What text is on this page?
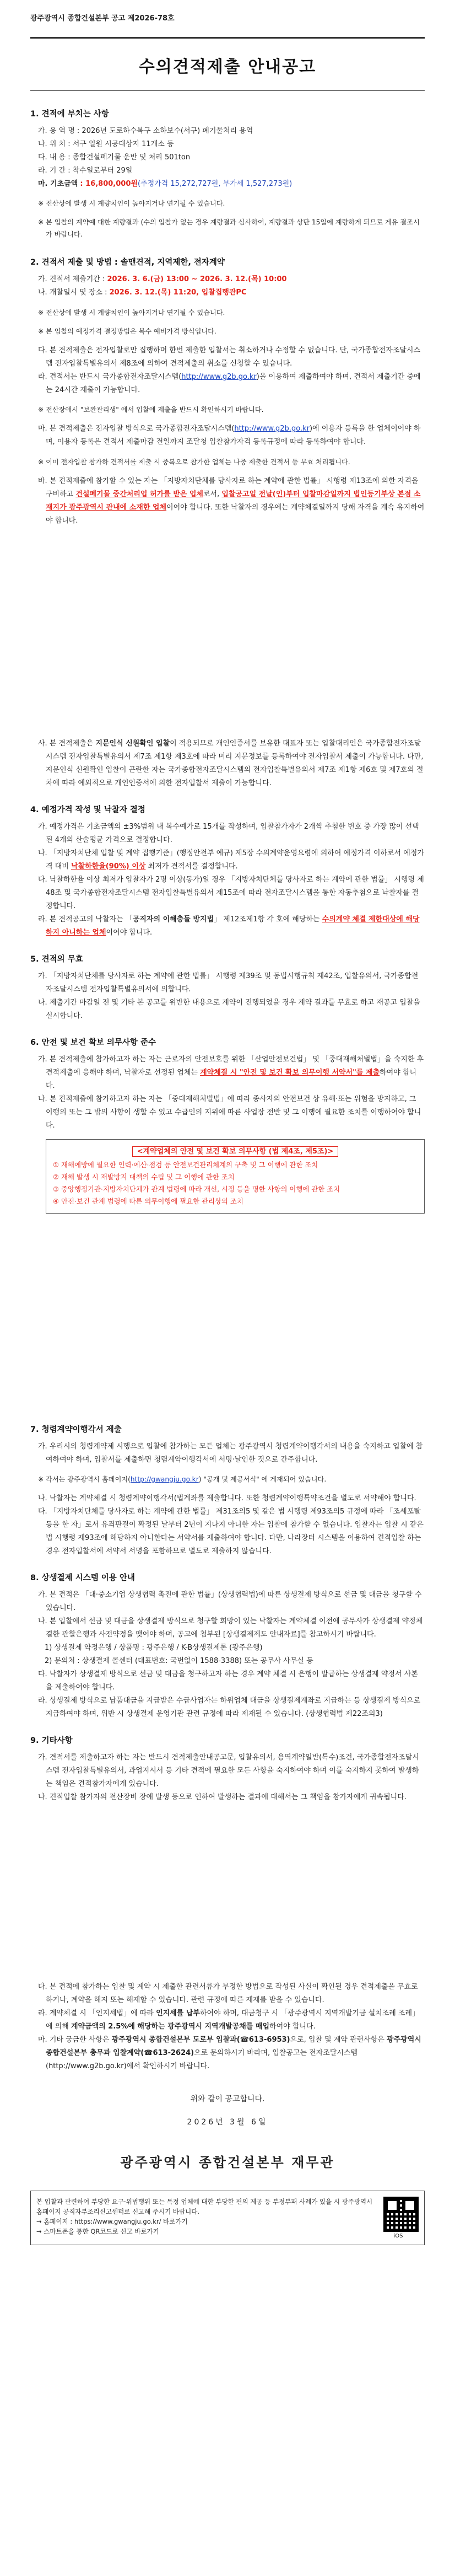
광주광역시 종합건설본부 공고 제2026-78호
수의견적제출 안내공고
1. 견적에 부치는 사항

가. 용 역 명 : 2026년 도로하수복구 소하보수(서구) 폐기물처리 용역

나. 위 치 : 서구 일원 시공대상지 11개소 등

다. 내 용 : 종합건설폐기물 운반 및 처리 501ton

라. 기 간 : 착수일로부터 29일

마. 기초금액 : 16,800,000원(추정가격 15,272,727원, 부가세 1,527,273원)

※ 전산상에 발생 시 계량치인이 높아지거나 연기될 수 있습니다.

※ 본 입찰의 계약예 대한 계량결과 (수의 입찰가 없는 경우 계량결과 심사하여, 계량결과 상단 15일에 계량하게 되므로 게유 결조시가 바랍니다.

2. 견적서 제출 및 방법 : 솔맨견적, 지역제한, 전자계약

가. 견적서 제출기간 : 2026. 3. 6.(금) 13:00 ~ 2026. 3. 12.(목) 10:00

나. 개찰일시 및 장소 : 2026. 3. 12.(목) 11:20, 입찰집행관PC

※ 전산상에 발생 시 계량치인이 높아지거나 연기될 수 있습니다.

※ 본 입찰의 예정가격 결정방법은 복수 예비가격 방식입니다.

다. 본 견적제출은 전자입찰로만 집행하며 한번 제출한 입찰서는 취소하거나 수정할 수 없습니다. 단, 국가종합전자조달시스템 전자입찰특별유의서 제8조에 의하여 견적제출의 취소를 신청할 수 있습니다.

라. 견적서는 반드시 국가종합전자조달시스템(http://www.g2b.go.kr)을 이용하여 제출하여야 하며, 견적서 제출기간 중에는 24시간 제출이 가능합니다.

※ 전산장애시 "보완관리생" 에서 입찰에 제출을 반드시 확인하시기 바랍니다.

마. 본 견적제출은 전자입찰 방식으로 국가종합전자조달시스템(http://www.g2b.go.kr)에 이용자 등록을 한 업체이어야 하며, 이용자 등록은 견적서 제출마감 전일까지 조달청 입찰참가자격 등록규정에 따라 등록하여야 합니다.

※ 이미 전자입찰 참가하 견적서를 제출 시 중복으로 참가한 업체는 나중 제출한 견적서 등 무효 처리됩니다.

바. 본 견적제출에 참가할 수 있는 자는 「지방자치단체를 당사자로 하는 계약에 관한 법률」 시행령 제13조에 의한 자격을 구비하고 건설폐기물 중간처리업 허가를 받은 업체로서, 입찰공고일 전날(인)부터 입찰마감일까지 법인등기부상 본점 소재지가 광주광역시 관내에 소재한 업체이어야 합니다. 또한 낙찰자의 경우에는 계약체결일까지 당해 자격을 계속 유지하여야 합니다.

사. 본 견적제출은 지문인식 신원확인 입찰이 적용되므로 개인인증서를 보유한 대표자 또는 입찰대리인은 국가종합전자조달시스템 전자입찰특별유의서 제7조 제1항 제3호에 따라 미리 지문정보를 등록하여야 전자입찰서 제출이 가능합니다. 다만, 지문인식 신원확인 입찰이 곤란한 자는 국가종합전자조달시스템의 전자입찰특별유의서 제7조 제1항 제6호 및 제7호의 절차에 따라 예외적으로 개인인증서에 의한 전자입찰서 제출이 가능합니다.

4. 예정가격 작성 및 낙찰자 결정

가. 예정가격은 기초금액의 ±3%범위 내 복수예가로 15개를 작성하며, 입찰참가자가 2개씩 추첨한 번호 중 가장 많이 선택된 4개의 산술평균 가격으로 결정합니다.

나. 「지방자치단체 입찰 및 계약 집행기준」(행정안전부 예규) 제5장 수의계약운영요령에 의하여 예정가격 이하로서 예정가격 대비 낙찰하한율(90%) 이상 최저가 견적서를 결정합니다.

다. 낙찰하한율 이상 최저가 입찰자가 2명 이상(동가)일 경우 「지방자치단체를 당사자로 하는 계약에 관한 법률」 시행령 제48조 및 국가종합전자조달시스템 전자입찰특별유의서 제15조에 따라 전자조달시스템을 통한 자동추첨으로 낙찰자를 결정합니다.

라. 본 견적공고의 낙찰자는 「공직자의 이해충돌 방지법」 제12조제1항 각 호에 해당하는 수의계약 체결 제한대상에 해당하지 아니하는 업체이어야 합니다.

5. 견적의 무효

가. 「지방자치단체를 당사자로 하는 계약에 관한 법률」 시행령 제39조 및 동법시행규칙 제42조, 입찰유의서, 국가종합전자조달시스템 전자입찰특별유의서에 의합니다.

나. 제출기간 마감일 전 및 기타 본 공고를 위반한 내용으로 계약이 진행되었을 경우 계약 결과를 무효로 하고 재공고 입찰을 실시합니다.

6. 안전 및 보건 확보 의무사항 준수

가. 본 견적제출에 참가하고자 하는 자는 근로자의 안전보호를 위한 「산업안전보건법」 및 「중대재해처벌법」을 숙지한 후 견적제출에 응해야 하며, 낙찰자로 선정된 업체는 계약체결 시 "안전 및 보건 확보 의무이행 서약서"를 제출하여야 합니다.

나. 본 견적제출에 참가하고자 하는 자는 「중대재해처벌법」에 따라 종사자의 안전보건 상 유해·또는 위험을 방지하고, 그 이행의 또는 그 밖의 사항이 생할 수 있고 수급인의 지위에 따른 사업장 전반 및 그 이행에 필요한 조치를 이행하여야 합니다.

<계약업체의 안전 및 보건 확보 의무사항 (법 제4조, 제5조)>

① 재해예방에 필요한 인력·예산·점검 등 안전보건관리체계의 구축 및 그 이행에 관한 조치

② 재해 발생 시 재발방지 대책의 수립 및 그 이행에 관한 조치

③ 중앙행정기관·지방자치단체가 관계 법령에 따라 개선, 시정 등을 명한 사항의 이행에 관한 조치

④ 안전·보건 관계 법령에 따른 의무이행에 필요한 관리상의 조치

7. 청렴계약이행각서 제출

가. 우리시의 청렴계약제 시행으로 입찰에 참가하는 모든 업체는 광주광역시 청렴계약이행각서의 내용을 숙지하고 입찰에 참여하여야 하며, 입찰서를 제출하면 청렴계약이행각서에 서명·날인한 것으로 간주합니다.

※ 각서는 광주광역시 홈페이지(http://gwangju.go.kr) "공개 및 제공서식" 에 게재되어 있습니다.

나. 낙찰자는 계약체결 시 청렴계약이행각서(법계좌를 제출합니다. 또한 청렴계약이행특약조건을 별도로 서약해야 합니다.

다. 「지방자치단체를 당사자로 하는 계약에 관한 법률」 제31조의5 및 같은 법 시행령 제93조의5 규정에 따라 「조세포탈 등을 한 자」로서 유죄판결이 확정된 날부터 2년이 지나지 아니한 자는 입찰에 참가할 수 없습니다. 입찰자는 입찰 시 같은 법 시행령 제93조에 해당하지 아니한다는 서약서를 제출하여야 합니다. 다만, 나라장터 시스템을 이용하여 견적입찰 하는 경우 전자입찰서에 서약서 서명을 포함하므로 별도로 제출하지 않습니다.

8. 상생결제 시스템 이용 안내

가. 본 견적은 「대·중소기업 상생협력 촉진에 관한 법률」(상생협력법)에 따른 상생결제 방식으로 선금 및 대금을 청구할 수 있습니다.

나. 본 입찰에서 선금 및 대금을 상생결제 방식으로 청구할 희망이 있는 낙찰자는 계약체결 이전에 공무사가 상생결제 약정체결한 관할은행과 사전약정을 맺어야 하며, 공고에 첨부된 [상생결제제도 안내자료]를 참고하시기 바랍니다.

1) 상생결제 약정은행 / 상품명 : 광주은행 / K-B상생결제론 (광주은행)

2) 문의처 : 상생결제 콜센터 (대표번호: 국번없이 1588-3388) 또는 공무사 사무실 등

다. 낙찰자가 상생결제 방식으로 선금 및 대금을 청구하고자 하는 경우 계약 체결 시 은행이 발급하는 상생결제 약정서 사본을 제출하여야 합니다.

라. 상생결제 방식으로 납품대금을 지급받은 수급사업자는 하위업체 대금을 상생결제계좌로 지급하는 등 상생결제 방식으로 지급하여야 하며, 위반 시 상생결제 운영기관 관련 규정에 따라 제재될 수 있습니다. (상생협력법 제22조의3)

9. 기타사항

가. 견적서를 제출하고자 하는 자는 반드시 견적제출안내공고문, 입찰유의서, 용역계약일반(특수)조건, 국가종합전자조달시스템 전자입찰특별유의서, 과업지시서 등 기타 견적에 필요한 모든 사항을 숙지하여야 하며 이를 숙지하지 못하여 발생하는 책임은 견적참가자에게 있습니다.

나. 견적입찰 참가자의 전산장비 장애 발생 등으로 인하여 발생하는 결과에 대해서는 그 책임을 참가자에게 귀속됩니다.

다. 본 견적에 참가하는 입찰 및 계약 시 제출한 관련서류가 부정한 방법으로 작성된 사실이 확인될 경우 견적제출을 무효로 하거나, 계약을 해지 또는 해제할 수 있습니다. 관련 규정에 따른 제재를 받을 수 있습니다.

라. 계약체결 시 「인지세법」에 따라 인지세를 납부하여야 하며, 대금청구 시 「광주광역시 지역개발기금 설치조례 조례」에 의해 계약금액의 2.5%에 해당하는 광주광역시 지역개발공채를 매입하여야 합니다.

마. 기타 궁금한 사항은 광주광역시 종합건설본부 도로부 입찰과(☎613-6953)으로, 입찰 및 계약 관련사항은 광주광역시 종합건설본부 총무과 입찰계약(☎613-2624)으로 문의하시기 바라며, 입찰공고는 전자조달시스템(http://www.g2b.go.kr)에서 확인하시기 바랍니다.

위와 같이 공고합니다.
2026년 3월 6일
광주광역시 종합건설본부 재무관
본 입찰과 관련하여 부당한 요구·위법행위 또는 특정 업체에 대한 부당한 편의 제공 등 부정부패 사례가 있을 시 광주광역시 홈페이지 공직자부조리신고센터로 신고해 주시기 바랍니다.
→ 홈페이지 : https://www.gwangju.go.kr/ 바로가기
→ 스마트폰을 통한 QR코드로 신고 바로가기
iOS
